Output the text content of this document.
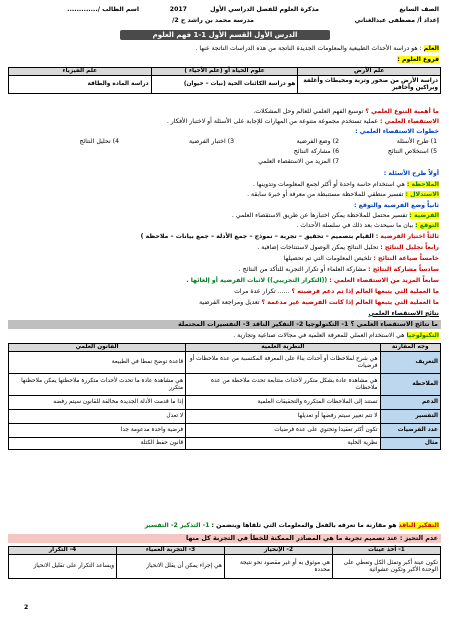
الصف السابع
مذكرة العلوم للفصل الدراسي الأول
2017
اسم الطالب /.............
إعداد أ/ مصطفى عبدالغناني
مدرسة محمد بن راشد ح 2/
الدرس الأول القسم الأول 1-1 فهم العلوم
العلم : هو دراسة الأحداث الطبيعية والمعلومات الجديدة الناتجة من هذه الدراسات الناتجة عنها .
فروع العلوم :
علم الأرض	علوم الحياة أو (علم الأحياء )	علم الفيزياء
دراسة الأرض من صخور وتربة ومحيطات وأغلفة وبراكين وأحافير	هو دراسة الكائنات الحية (نبات – حيوان)	دراسة المادة والطاقة
ما أهمية التنوع العلمي ؟ توسيع الفهم العلمي للعالم وحل المشكلات.
الاستقصاء العلمي : عملية تستخدم مجموعة متنوعة من المهارات للإجابة على الأسئلة أو لاختبار الأفكار .
خطوات الاستقصاء العلمي :
1) طرح الأسئلة
2) وضع الفرضية
3) اختبار الفرضية
4) تحليل النتائج
5) استخلاص النتائج
6) مشاركة النتائج
7) المزيد من الاستقصاء العلمي
أولاً طرح الأسئلة :
الملاحظة : هي استخدام حاسة واحدة أو أكثر لجمع المعلومات وتدوينها .
الاستدلال : تفسير منطقي للملاحظة مستنبطة من معرفة أو خبرة سابقة .
ثانياً وضع الفرضية والتوقع :
الفرضية : تفسير محتمل للملاحظة يمكن اختبارها عن طريق الاستقصاء العلمي .
التوقع : بيان ما سيحدث بعد ذلك في سلسلة الأحداث .
ثالثاً اختبار الفرضية : القيام بتصميم – تحقيق – تجربة – نموذج – جمع الأدلة – جمع بيانات – ملاحظة )
رابعاً تحليل النتائج : تحليل النتائج يمكن الوصول لاستنتاجات إضافية .
خامساً صياغة النتائج : تلخيص المعلومات التي تم تحصيلها
سادساً مشاركة النتائج : مشاركة العلماء أو تكرار التجربة للتأكد من النتائج .
سابعاً المزيد من الاستقصاء العلمي : ((التكرار التجريبي)) لاثبات الفرضية أو إلغائها .
ما العملية التي يتبعها العالم إذا تم دعم فرضيته ؟ ...... تكرار عدة مرات
ما العملية التي يتبعها العالم إذا كانت الفرضية غير مدعمة ؟ تعديل ومراجعة الفرضية
نتائج الاستقصاء العلمي
ما نتائج الاستقصاء العلمي ؟ 1- التكنولوجيا 2- التفكير الناقد 3- التفسيرات المحتملة
التكنولوجيا هي الاستخدام العملي للمعرفة العلمية في مجالات صناعية وتجارية .
وجه المقارنة	النظرية العلمية	القانون العلمي
التعريف	هي شرح لملاحظات أو أحداث بناءً على المعرفة المكتسبة من عدة ملاحظات أو فرضيات	قاعدة توضح نمطا في الطبيعة
الملاحظة	هي مشاهدة عادة بشكل متكرر لأحداث متتابعة تحدث ملاحظة من عدة ملاحظات	هي مشاهدة عادة ما تحدث لأحداث متكررة ملاحظتها يمكن ملاحظتها متكرر
الدعم	تستند إلى الملاحظات المتكررة والتحقيقات العلمية	إذا ما قدمت الأدلة الجديدة مخالفة للقانون سيتم رفضه
التفسير	لا تتم تغيير سيتم رفضها أو تعديلها	لا تعدل
عدد الفرضيات	تكون أكثر تعقيدا وتحتوي على عدة فرضيات	فرضية واحدة مدعومة جدا
مثال	نظرية الخلية	قانون حفظ الكتلة
التفكير الناقد هو مقارنة ما تعرفه بالفعل والمعلومات التي تلقاها ويتضمن : 1- التذكير 2- التفسير
عدم التحيز : عند تصميم تجربة ما هي المصادر الممكنة للخطأ في التجربة كل منها
1- أخذ عينات	2- الإنحياز	3- التجربة العمياء	4- التكرار
تكون عينة أكبر وتمثل الكل وتعطي على الوحدة الأكبر وتكون عشوائية	هي موثوق به أو غير مقصود نحو نتيجة محددة	هي إجراء يمكن أن يقلل الانحياز	ويساعد التكرار على تقليل الانحياز
2
